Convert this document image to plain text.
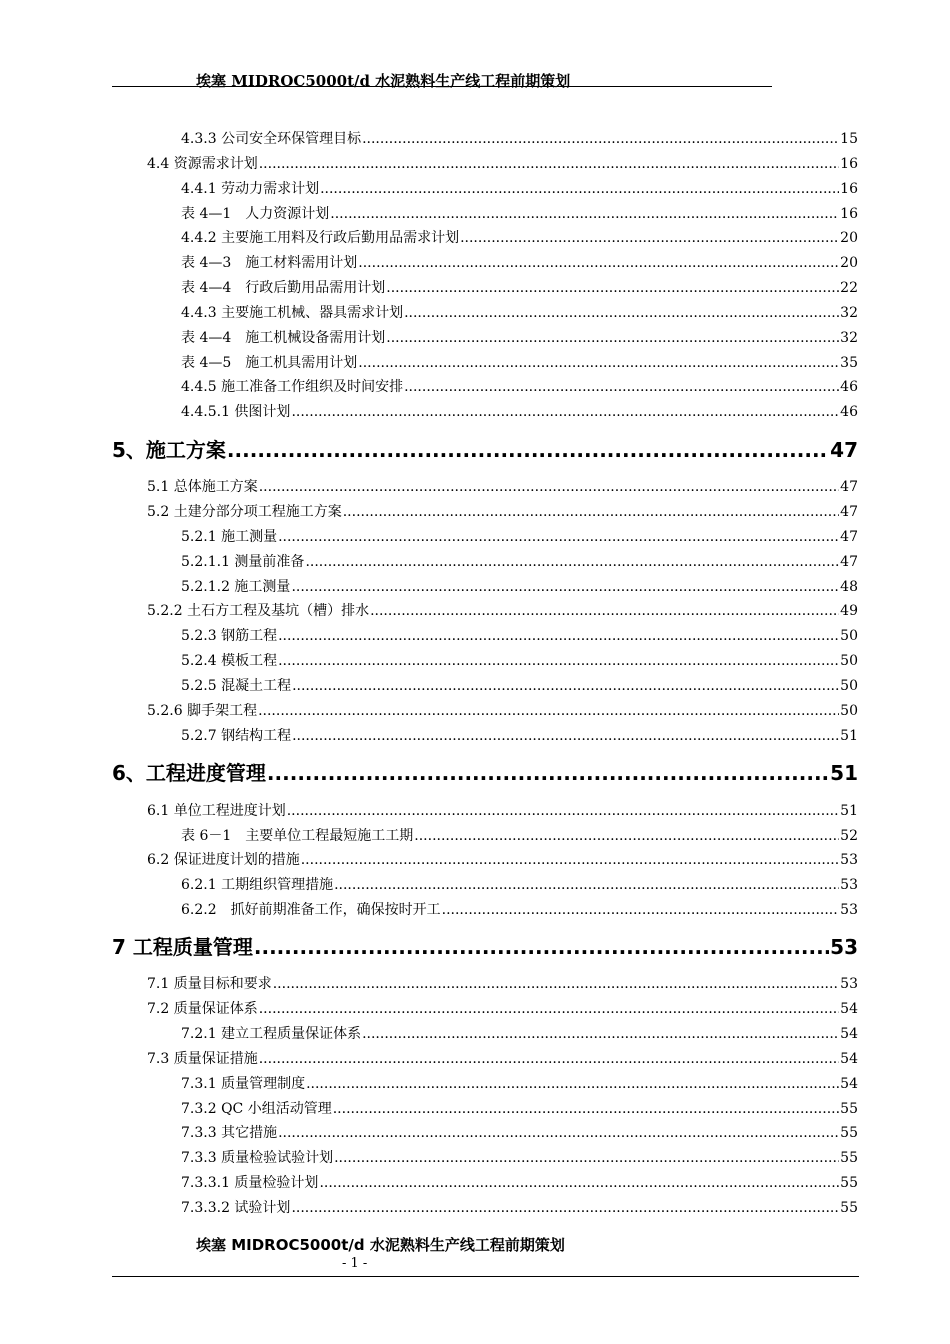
埃塞 MIDROC5000t/d 水泥熟料生产线工程前期策划
4.3.3 公司安全环保管理目标 .....	15
4.4 资源需求计划 .....	16
4.4.1 劳动力需求计划 .....	16
表 4—1　人力资源计划 .....	16
4.4.2 主要施工用料及行政后勤用品需求计划 .....	20
表 4—3　施工材料需用计划 .....	20
表 4—4　行政后勤用品需用计划 .....	22
4.4.3 主要施工机械、器具需求计划 .....	32
表 4—4　施工机械设备需用计划 .....	32
表 4—5　施工机具需用计划 .....	35
4.4.5 施工准备工作组织及时间安排 .....	46
4.4.5.1 供图计划 .....	46
5、施工方案 .....	47
5.1 总体施工方案 .....	47
5.2 土建分部分项工程施工方案 .....	47
5.2.1 施工测量 .....	47
5.2.1.1 测量前准备 .....	47
5.2.1.2 施工测量 .....	48
5.2.2 土石方工程及基坑（槽）排水 .....	49
5.2.3 钢筋工程 .....	50
5.2.4 模板工程 .....	50
5.2.5 混凝土工程 .....	50
5.2.6 脚手架工程 .....	50
5.2.7 钢结构工程 .....	51
6、工程进度管理 .....	51
6.1 单位工程进度计划 .....	51
表 6－1　主要单位工程最短施工工期 .....	52
6.2 保证进度计划的措施 .....	53
6.2.1 工期组织管理措施 .....	53
6.2.2　抓好前期准备工作，确保按时开工 .....	53
7 工程质量管理 .....	53
7.1 质量目标和要求 .....	53
7.2 质量保证体系 .....	54
7.2.1 建立工程质量保证体系 .....	54
7.3 质量保证措施 .....	54
7.3.1 质量管理制度 .....	54
7.3.2 QC 小组活动管理 .....	55
7.3.3 其它措施 .....	55
7.3.3 质量检验试验计划 .....	55
7.3.3.1 质量检验计划 .....	55
7.3.3.2 试验计划 .....	55
埃塞 MIDROC5000t/d 水泥熟料生产线工程前期策划
- 1 -
